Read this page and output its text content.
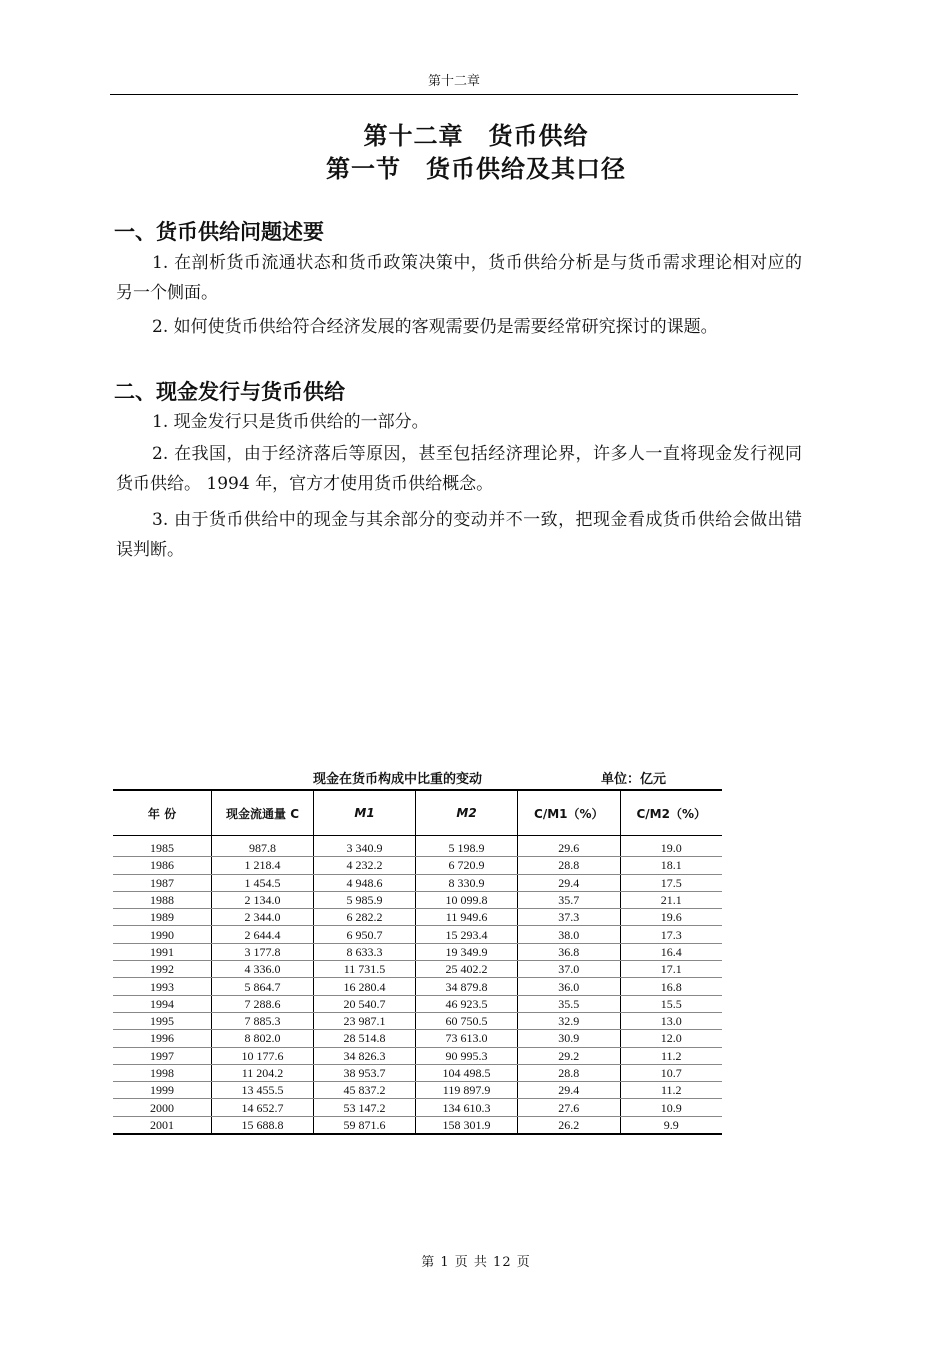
第十二章
第十二章　货币供给
第一节　货币供给及其口径
一、货币供给问题述要
1. 在剖析货币流通状态和货币政策决策中，货币供给分析是与货币需求理论相对应的另一个侧面。
2. 如何使货币供给符合经济发展的客观需要仍是需要经常研究探讨的课题。
二、现金发行与货币供给
1. 现金发行只是货币供给的一部分。
2. 在我国，由于经济落后等原因，甚至包括经济理论界，许多人一直将现金发行视同货币供给。 1994 年，官方才使用货币供给概念。
3. 由于货币供给中的现金与其余部分的变动并不一致，把现金看成货币供给会做出错误判断。
现金在货币构成中比重的变动	单位：亿元
年 份	现金流通量 C	M1	M2	C/M1（%）	C/M2（%）
1985	987.8	3 340.9	5 198.9	29.6	19.0
1986	1 218.4	4 232.2	6 720.9	28.8	18.1
1987	1 454.5	4 948.6	8 330.9	29.4	17.5
1988	2 134.0	5 985.9	10 099.8	35.7	21.1
1989	2 344.0	6 282.2	11 949.6	37.3	19.6
1990	2 644.4	6 950.7	15 293.4	38.0	17.3
1991	3 177.8	8 633.3	19 349.9	36.8	16.4
1992	4 336.0	11 731.5	25 402.2	37.0	17.1
1993	5 864.7	16 280.4	34 879.8	36.0	16.8
1994	7 288.6	20 540.7	46 923.5	35.5	15.5
1995	7 885.3	23 987.1	60 750.5	32.9	13.0
1996	8 802.0	28 514.8	73 613.0	30.9	12.0
1997	10 177.6	34 826.3	90 995.3	29.2	11.2
1998	11 204.2	38 953.7	104 498.5	28.8	10.7
1999	13 455.5	45 837.2	119 897.9	29.4	11.2
2000	14 652.7	53 147.2	134 610.3	27.6	10.9
2001	15 688.8	59 871.6	158 301.9	26.2	9.9
第 1 页 共 12 页
